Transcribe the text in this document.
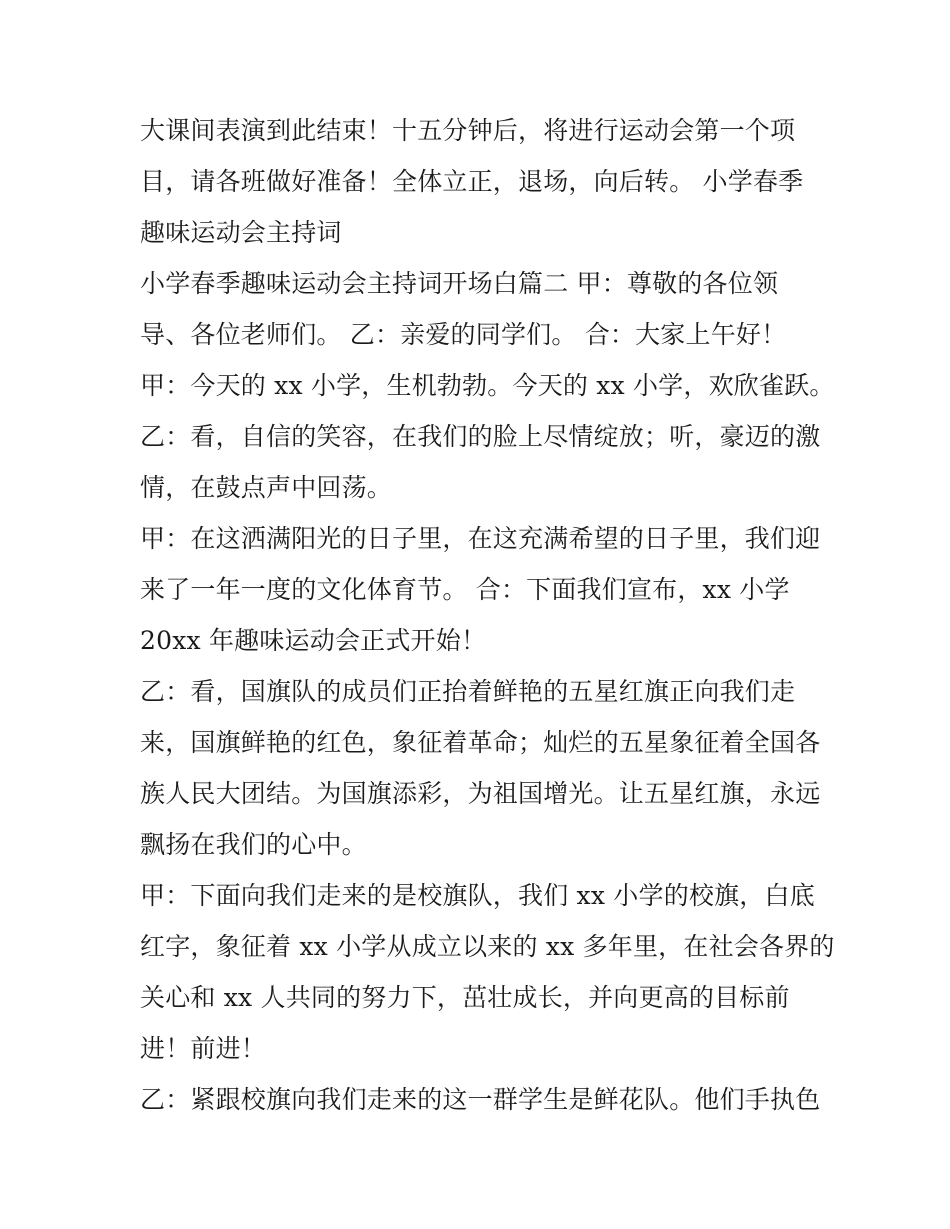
大课间表演到此结束！十五分钟后，将进行运动会第一个项
目，请各班做好准备！全体立正，退场，向后转。 小学春季
趣味运动会主持词
小学春季趣味运动会主持词开场白篇二 甲：尊敬的各位领
导、各位老师们。 乙：亲爱的同学们。 合：大家上午好！
甲：今天的 xx 小学，生机勃勃。今天的 xx 小学，欢欣雀跃。
乙：看，自信的笑容，在我们的脸上尽情绽放；听，豪迈的激
情，在鼓点声中回荡。
甲：在这洒满阳光的日子里，在这充满希望的日子里，我们迎
来了一年一度的文化体育节。 合：下面我们宣布，xx 小学
20xx 年趣味运动会正式开始！
乙：看，国旗队的成员们正抬着鲜艳的五星红旗正向我们走
来，国旗鲜艳的红色，象征着革命；灿烂的五星象征着全国各
族人民大团结。为国旗添彩，为祖国增光。让五星红旗，永远
飘扬在我们的心中。
甲：下面向我们走来的是校旗队，我们 xx 小学的校旗，白底
红字，象征着 xx 小学从成立以来的 xx 多年里，在社会各界的
关心和 xx 人共同的努力下，茁壮成长，并向更高的目标前
进！前进！
乙：紧跟校旗向我们走来的这一群学生是鲜花队。他们手执色
